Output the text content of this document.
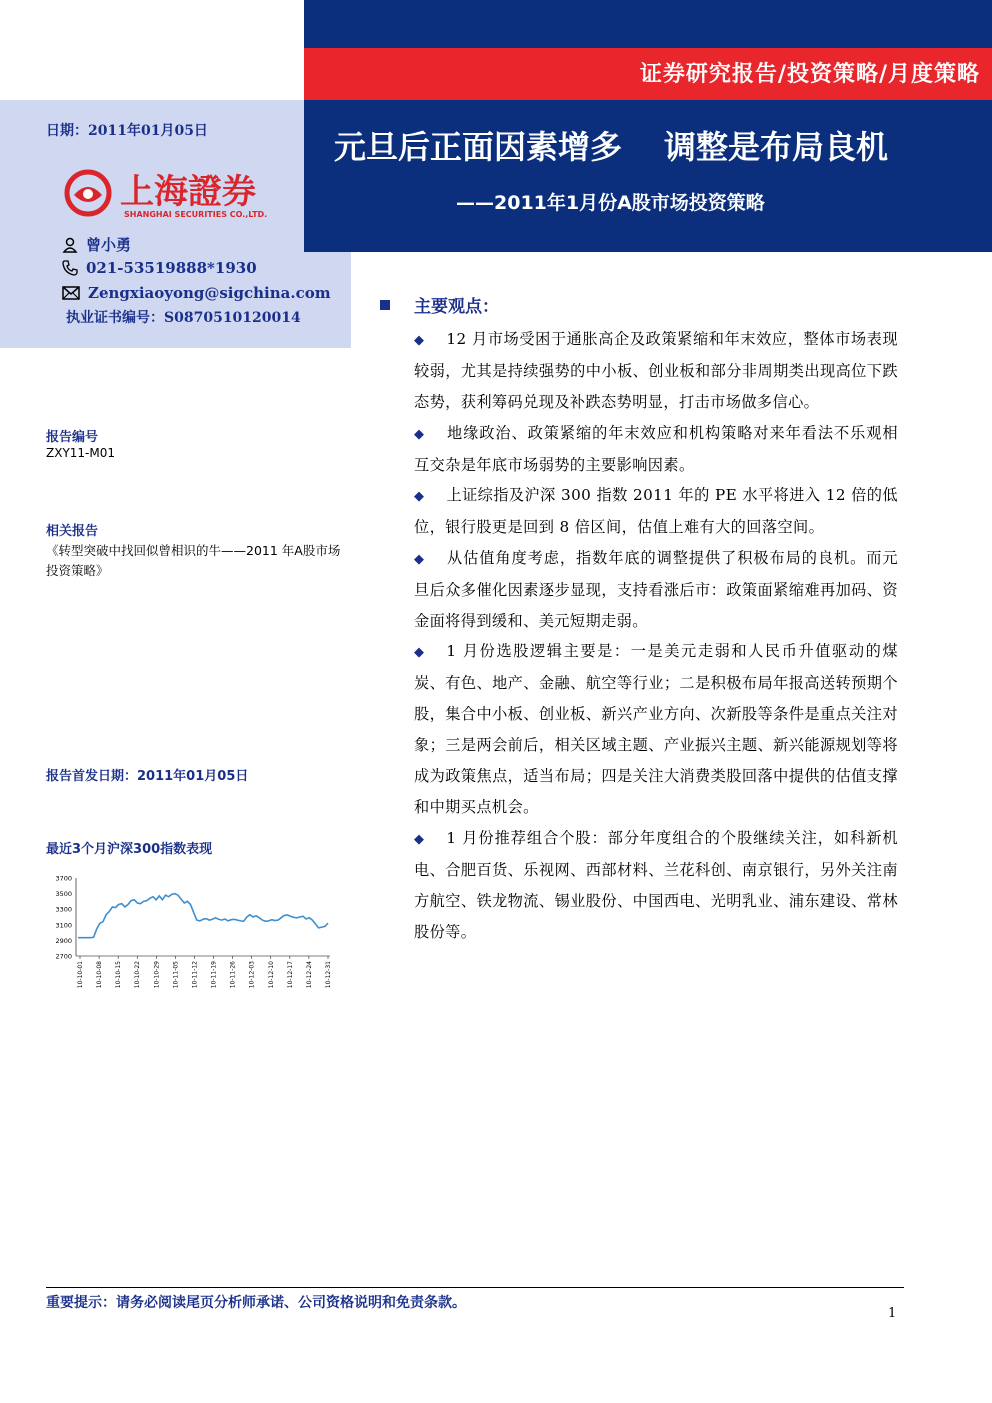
证券研究报告/投资策略/月度策略
元旦后正面因素增多 调整是布局良机
——2011年1月份A股市场投资策略
日期：2011年01月05日
上海證券
SHANGHAI SECURITIES CO.,LTD.
曾小勇
021-53519888*1930
Zengxiaoyong@sigchina.com
执业证书编号：S0870510120014
报告编号
ZXY11-M01
相关报告
《转型突破中找回似曾相识的牛——2011 年A股市场投资策略》
报告首发日期：2011年01月05日
最近3个月沪深300指数表现
2700
2900
3100
3300
3500
3700
10-10-01 10-10-08 10-10-15 10-10-22 10-10-29 10-11-05 10-11-12 10-11-19 10-11-26 10-12-03 10-12-10 10-12-17 10-12-24 10-12-31
主要观点：

◆ 12 月市场受困于通胀高企及政策紧缩和年末效应，整体市场表现较弱，尤其是持续强势的中小板、创业板和部分非周期类出现高位下跌态势，获利筹码兑现及补跌态势明显，打击市场做多信心。

◆ 地缘政治、政策紧缩的年末效应和机构策略对来年看法不乐观相互交杂是年底市场弱势的主要影响因素。

◆ 上证综指及沪深 300 指数 2011 年的 PE 水平将进入 12 倍的低位，银行股更是回到 8 倍区间，估值上难有大的回落空间。

◆ 从估值角度考虑，指数年底的调整提供了积极布局的良机。而元旦后众多催化因素逐步显现，支持看涨后市：政策面紧缩难再加码、资金面将得到缓和、美元短期走弱。

◆ 1 月份选股逻辑主要是：一是美元走弱和人民币升值驱动的煤炭、有色、地产、金融、航空等行业；二是积极布局年报高送转预期个股，集合中小板、创业板、新兴产业方向、次新股等条件是重点关注对象；三是两会前后，相关区域主题、产业振兴主题、新兴能源规划等将成为政策焦点，适当布局；四是关注大消费类股回落中提供的估值支撑和中期买点机会。

◆ 1 月份推荐组合个股：部分年度组合的个股继续关注，如科新机电、合肥百货、乐视网、西部材料、兰花科创、南京银行，另外关注南方航空、铁龙物流、锡业股份、中国西电、光明乳业、浦东建设、常林股份等。

重要提示：请务必阅读尾页分析师承诺、公司资格说明和免责条款。
1
